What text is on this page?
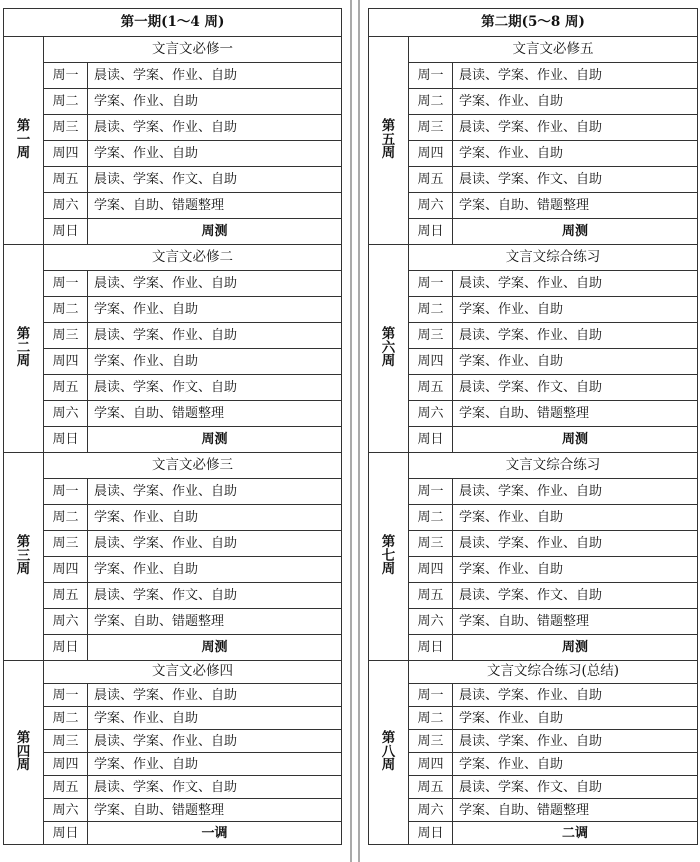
第一期(1～4 周)		
第
一
周	文言文必修一	
	周一	晨读、学案、作业、自助
	周二	学案、作业、自助
	周三	晨读、学案、作业、自助
	周四	学案、作业、自助
	周五	晨读、学案、作文、自助
	周六	学案、自助、错题整理
	周日	周测
第
二
周	文言文必修二	
	周一	晨读、学案、作业、自助
	周二	学案、作业、自助
	周三	晨读、学案、作业、自助
	周四	学案、作业、自助
	周五	晨读、学案、作文、自助
	周六	学案、自助、错题整理
	周日	周测
第
三
周	文言文必修三	
	周一	晨读、学案、作业、自助
	周二	学案、作业、自助
	周三	晨读、学案、作业、自助
	周四	学案、作业、自助
	周五	晨读、学案、作文、自助
	周六	学案、自助、错题整理
	周日	周测
第
四
周	文言文必修四	
	周一	晨读、学案、作业、自助
	周二	学案、作业、自助
	周三	晨读、学案、作业、自助
	周四	学案、作业、自助
	周五	晨读、学案、作文、自助
	周六	学案、自助、错题整理
	周日	一调
第二期(5～8 周)		
第
五
周	文言文必修五	
	周一	晨读、学案、作业、自助
	周二	学案、作业、自助
	周三	晨读、学案、作业、自助
	周四	学案、作业、自助
	周五	晨读、学案、作文、自助
	周六	学案、自助、错题整理
	周日	周测
第
六
周	文言文综合练习	
	周一	晨读、学案、作业、自助
	周二	学案、作业、自助
	周三	晨读、学案、作业、自助
	周四	学案、作业、自助
	周五	晨读、学案、作文、自助
	周六	学案、自助、错题整理
	周日	周测
第
七
周	文言文综合练习	
	周一	晨读、学案、作业、自助
	周二	学案、作业、自助
	周三	晨读、学案、作业、自助
	周四	学案、作业、自助
	周五	晨读、学案、作文、自助
	周六	学案、自助、错题整理
	周日	周测
第
八
周	文言文综合练习(总结)	
	周一	晨读、学案、作业、自助
	周二	学案、作业、自助
	周三	晨读、学案、作业、自助
	周四	学案、作业、自助
	周五	晨读、学案、作文、自助
	周六	学案、自助、错题整理
	周日	二调
